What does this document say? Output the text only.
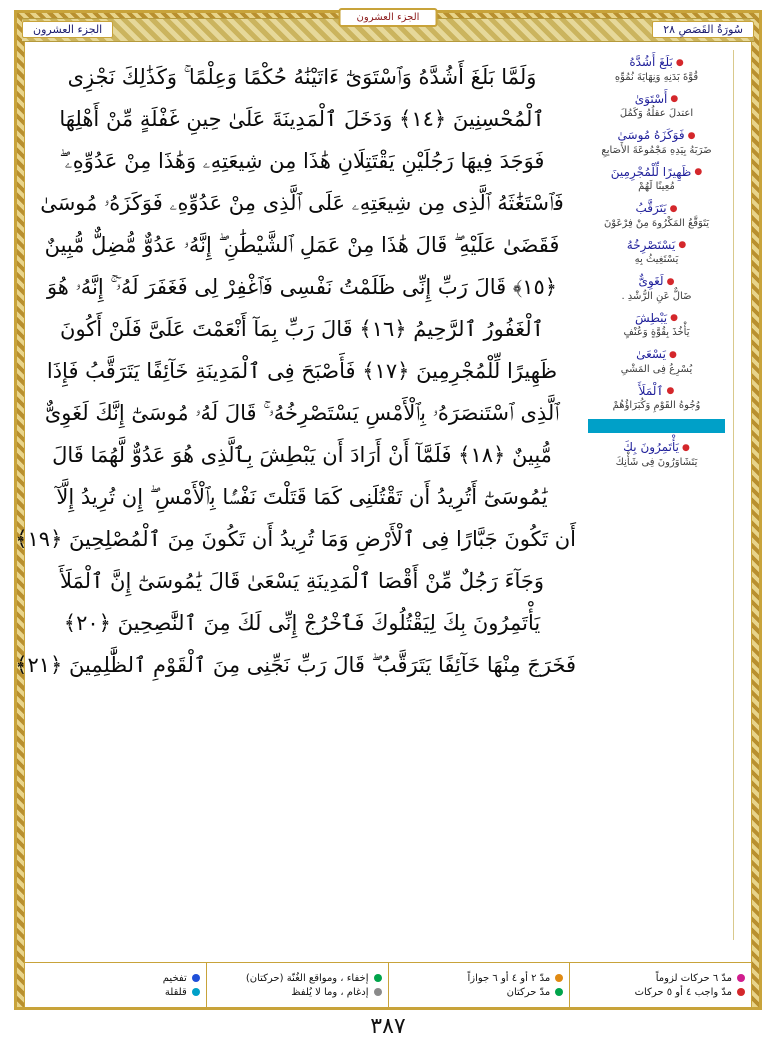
سُورَةُ القَصَصِ ٢٨
الجزء العشرون
الجزء العشرون
وَلَمَّا بَلَغَ أَشُدَّهُ وَٱسْتَوَىٰٓ ءَاتَيْنَٰهُ حُكْمًا وَعِلْمًا ۚ وَكَذَٰلِكَ نَجْزِى
ٱلْمُحْسِنِينَ ﴿١٤﴾ وَدَخَلَ ٱلْمَدِينَةَ عَلَىٰ حِينِ غَفْلَةٍ مِّنْ أَهْلِهَا
فَوَجَدَ فِيهَا رَجُلَيْنِ يَقْتَتِلَانِ هَٰذَا مِن شِيعَتِهِۦ وَهَٰذَا مِنْ عَدُوِّهِۦ ۖ
فَٱسْتَغَٰثَهُ ٱلَّذِى مِن شِيعَتِهِۦ عَلَى ٱلَّذِى مِنْ عَدُوِّهِۦ فَوَكَزَهُۥ مُوسَىٰ
فَقَضَىٰ عَلَيْهِ ۖ قَالَ هَٰذَا مِنْ عَمَلِ ٱلشَّيْطَٰنِ ۖ إِنَّهُۥ عَدُوٌّ مُّضِلٌّ مُّبِينٌ
﴿١٥﴾ قَالَ رَبِّ إِنِّى ظَلَمْتُ نَفْسِى فَٱغْفِرْ لِى فَغَفَرَ لَهُۥٓ ۚ إِنَّهُۥ هُوَ
ٱلْغَفُورُ ٱلرَّحِيمُ ﴿١٦﴾ قَالَ رَبِّ بِمَآ أَنْعَمْتَ عَلَىَّ فَلَنْ أَكُونَ
ظَهِيرًا لِّلْمُجْرِمِينَ ﴿١٧﴾ فَأَصْبَحَ فِى ٱلْمَدِينَةِ خَآئِفًا يَتَرَقَّبُ فَإِذَا
ٱلَّذِى ٱسْتَنصَرَهُۥ بِٱلْأَمْسِ يَسْتَصْرِخُهُۥ ۚ قَالَ لَهُۥ مُوسَىٰٓ إِنَّكَ لَغَوِىٌّ
مُّبِينٌ ﴿١٨﴾ فَلَمَّآ أَنْ أَرَادَ أَن يَبْطِشَ بِٱلَّذِى هُوَ عَدُوٌّ لَّهُمَا قَالَ
يَٰمُوسَىٰٓ أَتُرِيدُ أَن تَقْتُلَنِى كَمَا قَتَلْتَ نَفْسًۢا بِٱلْأَمْسِ ۖ إِن تُرِيدُ إِلَّآ
أَن تَكُونَ جَبَّارًا فِى ٱلْأَرْضِ وَمَا تُرِيدُ أَن تَكُونَ مِنَ ٱلْمُصْلِحِينَ ﴿١٩﴾
وَجَآءَ رَجُلٌ مِّنْ أَقْصَا ٱلْمَدِينَةِ يَسْعَىٰ قَالَ يَٰمُوسَىٰٓ إِنَّ ٱلْمَلَأَ
يَأْتَمِرُونَ بِكَ لِيَقْتُلُوكَ فَٱخْرُجْ إِنِّى لَكَ مِنَ ٱلنَّٰصِحِينَ ﴿٢٠﴾
فَخَرَجَ مِنْهَا خَآئِفًا يَتَرَقَّبُ ۖ قَالَ رَبِّ نَجِّنِى مِنَ ٱلْقَوْمِ ٱلظَّٰلِمِينَ ﴿٢١﴾
●بَلَغَ أَشُدَّهُ
قُوَّةَ بَدَنِهِ وَنِهَايَةَ نُمُوِّهِ
●أَسْتَوَىٰ
اعتدلَ عقلُهُ وَكَمُلَ
●فَوَكَزَهُ مُوسَىٰ
ضَرَبَهُ بِيَدِهِ مَجْمُوعَةَ الأَصَابِعِ
●ظَهِيرًا لِّلْمُجْرِمِينَ
مُعِينًا لَهُمْ
●يَتَرَقَّبُ
يَتَوَقَّعُ المَكْرُوهَ مِنْ فِرْعَوْنَ
●يَسْتَصْرِخُهُ
يَسْتَغِيثُ بِهِ
●لَغَوِىٌّ
ضَالٌّ عَنِ الرُّشْدِ .
●يَبْطِشَ
يَأْخُذَ بِقُوَّةٍ وَعُنْفٍ
●يَسْعَىٰ
يُسْرِعُ فِى المَشْىِ
●ٱلْمَلَأَ
وُجُوهُ القَوْمِ وَكُبَرَاؤُهُمْ
●يَأْتَمِرُونَ بِكَ
يَتَشَاوَرُونَ فِى شَأْنِكَ
مدّ ٦ حركات لزوماً
مدّ واجب ٤ أو ٥ حركات
مدّ ٢ أو ٤ أو ٦ جوازاً
مدّ حركتان
إخفاء ، ومواقع الغُنّة (حركتان)
إدغام ، وما لا يُلفظ
تفخيم
قلقلة
٣٨٧
